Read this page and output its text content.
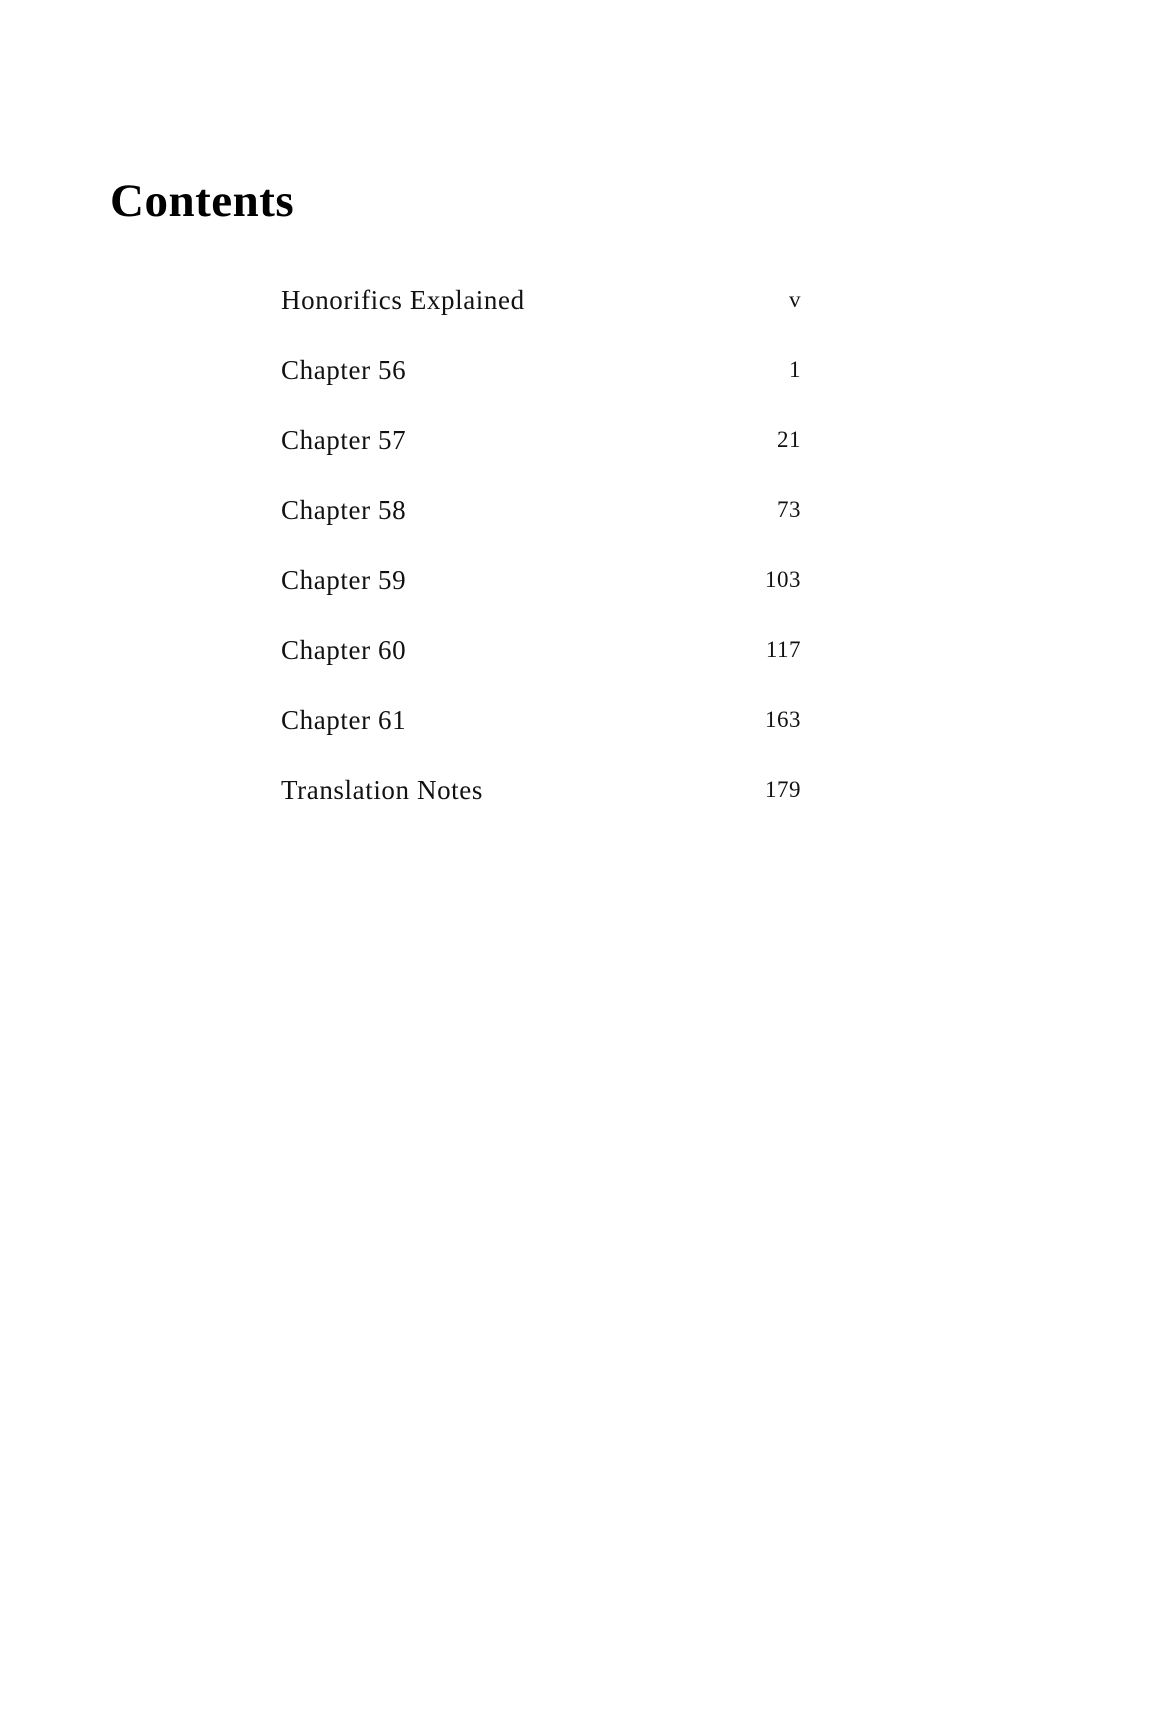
Contents
Honorifics Explained	v
Chapter 56	1
Chapter 57	21
Chapter 58	73
Chapter 59	103
Chapter 60	117
Chapter 61	163
Translation Notes	179
